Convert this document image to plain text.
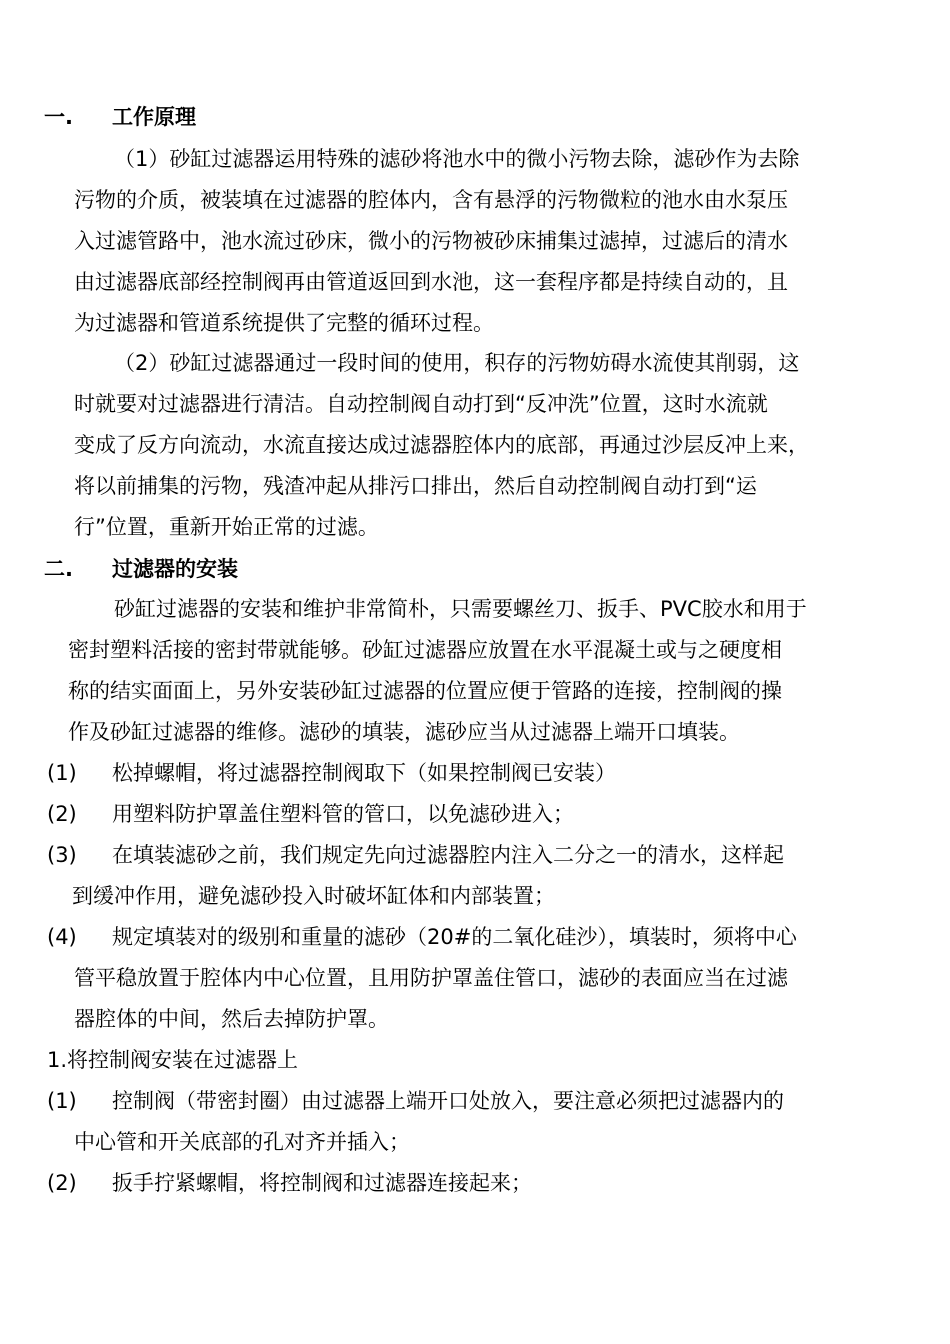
一. 工作原理
（1）砂缸过滤器运用特殊的滤砂将池水中的微小污物去除，滤砂作为去除
污物的介质，被装填在过滤器的腔体内，含有悬浮的污物微粒的池水由水泵压
入过滤管路中，池水流过砂床，微小的污物被砂床捕集过滤掉，过滤后的清水
由过滤器底部经控制阀再由管道返回到水池，这一套程序都是持续自动的，且
为过滤器和管道系统提供了完整的循环过程。
（2）砂缸过滤器通过一段时间的使用，积存的污物妨碍水流使其削弱，这
时就要对过滤器进行清洁。自动控制阀自动打到“反冲洗”位置，这时水流就
变成了反方向流动，水流直接达成过滤器腔体内的底部，再通过沙层反冲上来，
将以前捕集的污物，残渣冲起从排污口排出，然后自动控制阀自动打到“运
行”位置，重新开始正常的过滤。
二. 过滤器的安装
砂缸过滤器的安装和维护非常简朴，只需要螺丝刀、扳手、PVC胶水和用于
密封塑料活接的密封带就能够。砂缸过滤器应放置在水平混凝土或与之硬度相
称的结实面面上，另外安装砂缸过滤器的位置应便于管路的连接，控制阀的操
作及砂缸过滤器的维修。滤砂的填装，滤砂应当从过滤器上端开口填装。
(1) 松掉螺帽，将过滤器控制阀取下（如果控制阀已安装）
(2) 用塑料防护罩盖住塑料管的管口，以免滤砂进入；
(3) 在填装滤砂之前，我们规定先向过滤器腔内注入二分之一的清水，这样起
到缓冲作用，避免滤砂投入时破坏缸体和内部装置；
(4) 规定填装对的级别和重量的滤砂（20#的二氧化硅沙），填装时，须将中心
管平稳放置于腔体内中心位置，且用防护罩盖住管口，滤砂的表面应当在过滤
器腔体的中间，然后去掉防护罩。
1.将控制阀安装在过滤器上
(1) 控制阀（带密封圈）由过滤器上端开口处放入，要注意必须把过滤器内的
中心管和开关底部的孔对齐并插入；
(2) 扳手拧紧螺帽，将控制阀和过滤器连接起来；
